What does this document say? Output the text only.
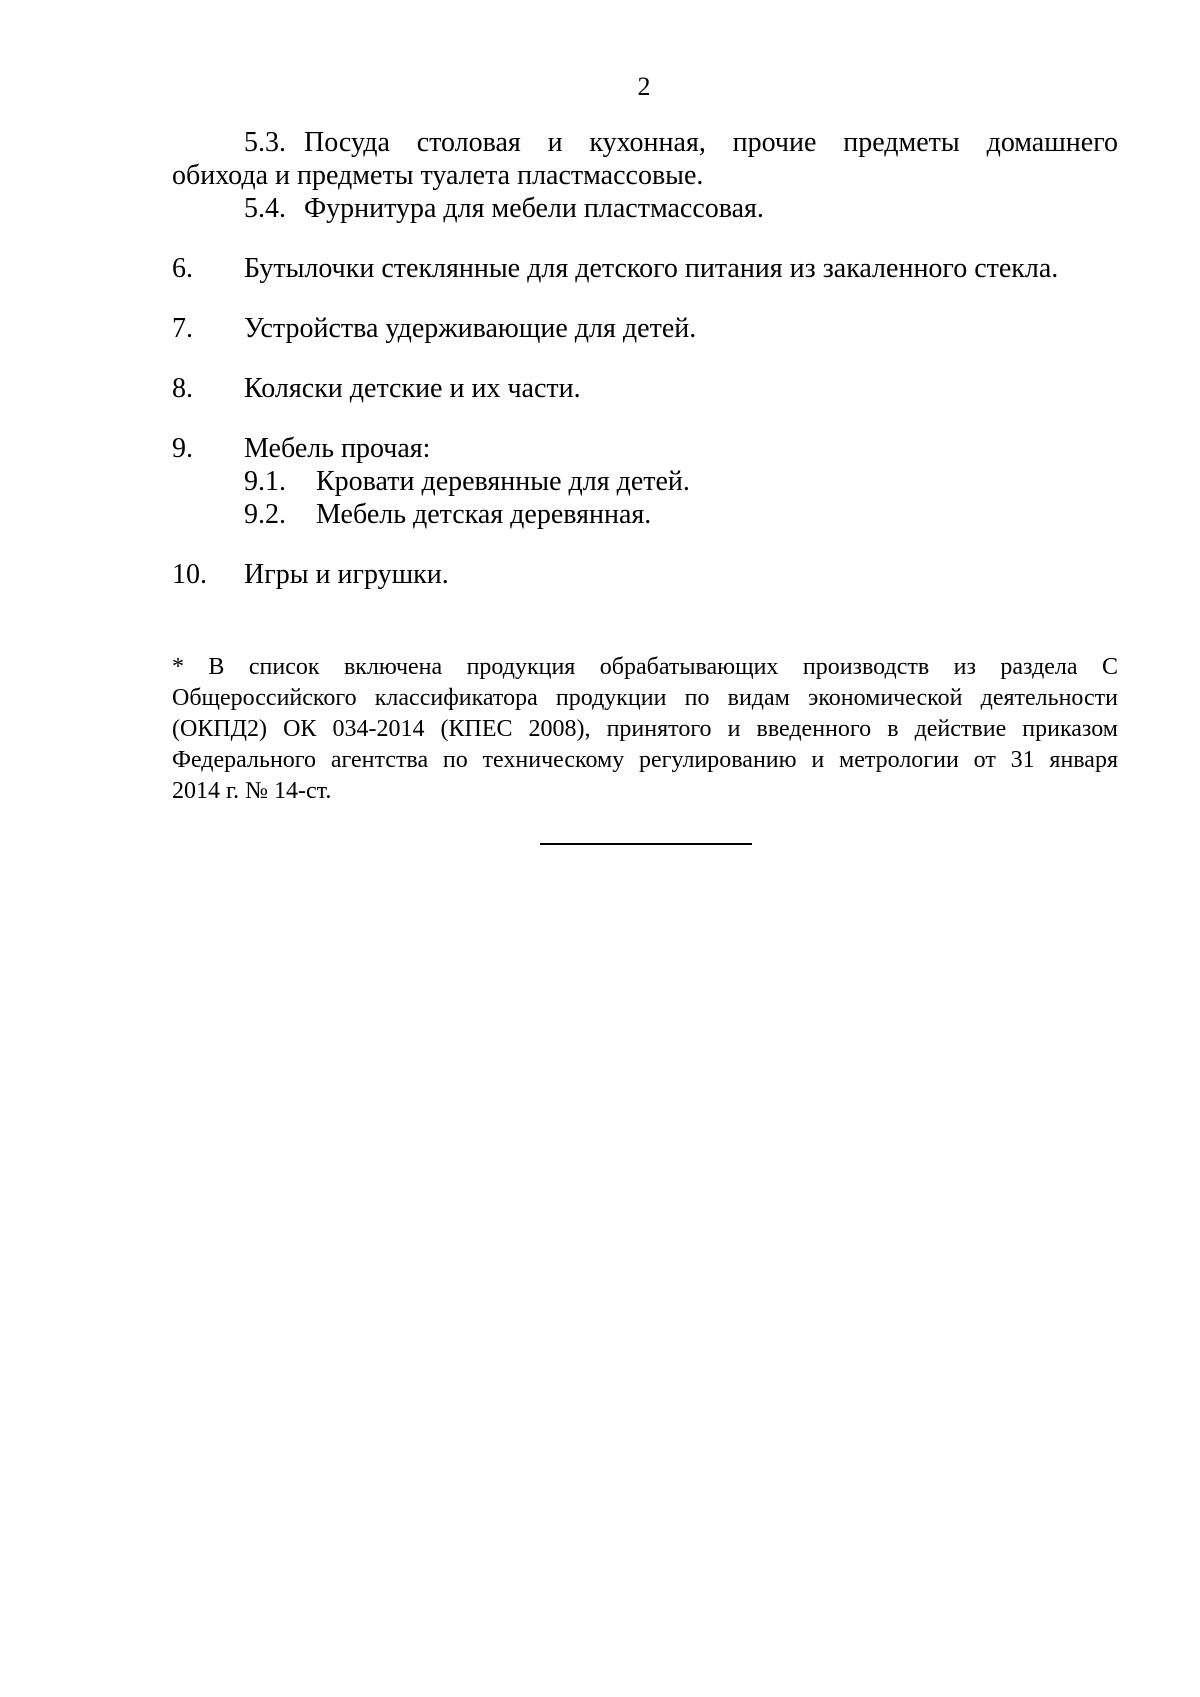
2
5.3. Посуда столовая и кухонная, прочие предметы домашнего
обихода и предметы туалета пластмассовые.
5.4. Фурнитура для мебели пластмассовая.
6. Бутылочки стеклянные для детского питания из закаленного стекла.
7. Устройства удерживающие для детей.
8. Коляски детские и их части.
9. Мебель прочая:
9.1. Кровати деревянные для детей.
9.2. Мебель детская деревянная.
10. Игры и игрушки.
* В список включена продукция обрабатывающих производств из раздела С
Общероссийского классификатора продукции по видам экономической деятельности
(ОКПД2) ОК 034-2014 (КПЕС 2008), принятого и введенного в действие приказом
Федерального агентства по техническому регулированию и метрологии от 31 января
2014 г. № 14-ст.
